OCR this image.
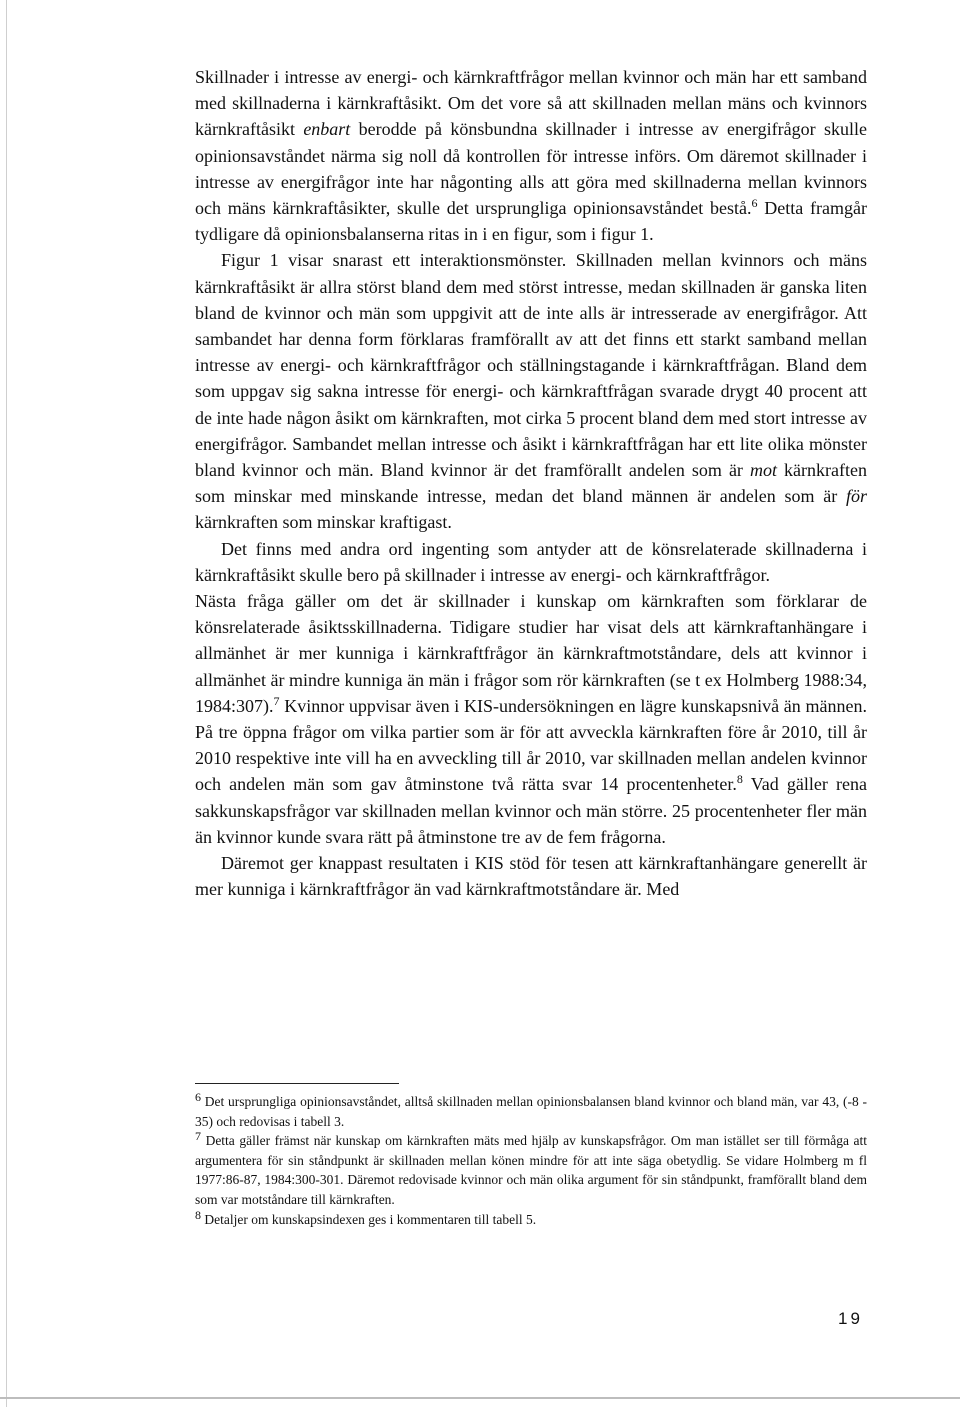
Skillnader i intresse av energi- och kärnkraftfrågor mellan kvinnor och män har ett samband med skillnaderna i kärnkraftåsikt. Om det vore så att skillnaden mellan mäns och kvinnors kärnkraftåsikt enbart berodde på könsbundna skillnader i intresse av energifrågor skulle opinionsavståndet närma sig noll då kontrollen för intresse införs. Om däremot skillnader i intresse av energifrågor inte har någonting alls att göra med skillnaderna mellan kvinnors och mäns kärnkraftåsikter, skulle det ursprungliga opinionsavståndet bestå.$^6$ Detta framgår tydligare då opinionsbalanserna ritas in i en figur, som i figur 1.

Figur 1 visar snarast ett interaktionsmönster. Skillnaden mellan kvinnors och mäns kärnkraftåsikt är allra störst bland dem med störst intresse, medan skillnaden är ganska liten bland de kvinnor och män som uppgivit att de inte alls är intresserade av energifrågor. Att sambandet har denna form förklaras framförallt av att det finns ett starkt samband mellan intresse av energi- och kärnkraftfrågor och ställningstagande i kärnkraftfrågan. Bland dem som uppgav sig sakna intresse för energi- och kärnkraftfrågan svarade drygt 40 procent att de inte hade någon åsikt om kärnkraften, mot cirka 5 procent bland dem med stort intresse av energifrågor. Sambandet mellan intresse och åsikt i kärnkraftfrågan har ett lite olika mönster bland kvinnor och män. Bland kvinnor är det framförallt andelen som är mot kärnkraften som minskar med minskande intresse, medan det bland männen är andelen som är för kärnkraften som minskar kraftigast.

Det finns med andra ord ingenting som antyder att de könsrelaterade skillnaderna i kärnkraftåsikt skulle bero på skillnader i intresse av energi- och kärnkraftfrågor.

Nästa fråga gäller om det är skillnader i kunskap om kärnkraften som förklarar de könsrelaterade åsiktsskillnaderna. Tidigare studier har visat dels att kärnkraftanhängare i allmänhet är mer kunniga i kärnkraftfrågor än kärnkraftmotståndare, dels att kvinnor i allmänhet är mindre kunniga än män i frågor som rör kärnkraften (se t ex Holmberg 1988:34, 1984:307).$^7$ Kvinnor uppvisar även i KIS-undersökningen en lägre kunskapsnivå än männen. På tre öppna frågor om vilka partier som är för att avveckla kärnkraften före år 2010, till år 2010 respektive inte vill ha en avveckling till år 2010, var skillnaden mellan andelen kvinnor och andelen män som gav åtminstone två rätta svar 14 procentenheter.$^8$ Vad gäller rena sakkunskapsfrågor var skillnaden mellan kvinnor och män större. 25 procentenheter fler män än kvinnor kunde svara rätt på åtminstone tre av de fem frågorna.

Däremot ger knappast resultaten i KIS stöd för tesen att kärnkraftanhängare generellt är mer kunniga i kärnkraftfrågor än vad kärnkraftmotståndare är. Med

$^6$ Det ursprungliga opinionsavståndet, alltså skillnaden mellan opinionsbalansen bland kvinnor och bland män, var 43, (-8 - 35) och redovisas i tabell 3.

$^7$ Detta gäller främst när kunskap om kärnkraften mäts med hjälp av kunskapsfrågor. Om man istället ser till förmåga att argumentera för sin ståndpunkt är skillnaden mellan könen mindre för att inte säga obetydlig. Se vidare Holmberg m fl 1977:86-87, 1984:300-301. Däremot redovisade kvinnor och män olika argument för sin ståndpunkt, framförallt bland dem som var motståndare till kärnkraften.

$^8$ Detaljer om kunskapsindexen ges i kommentaren till tabell 5.

19
